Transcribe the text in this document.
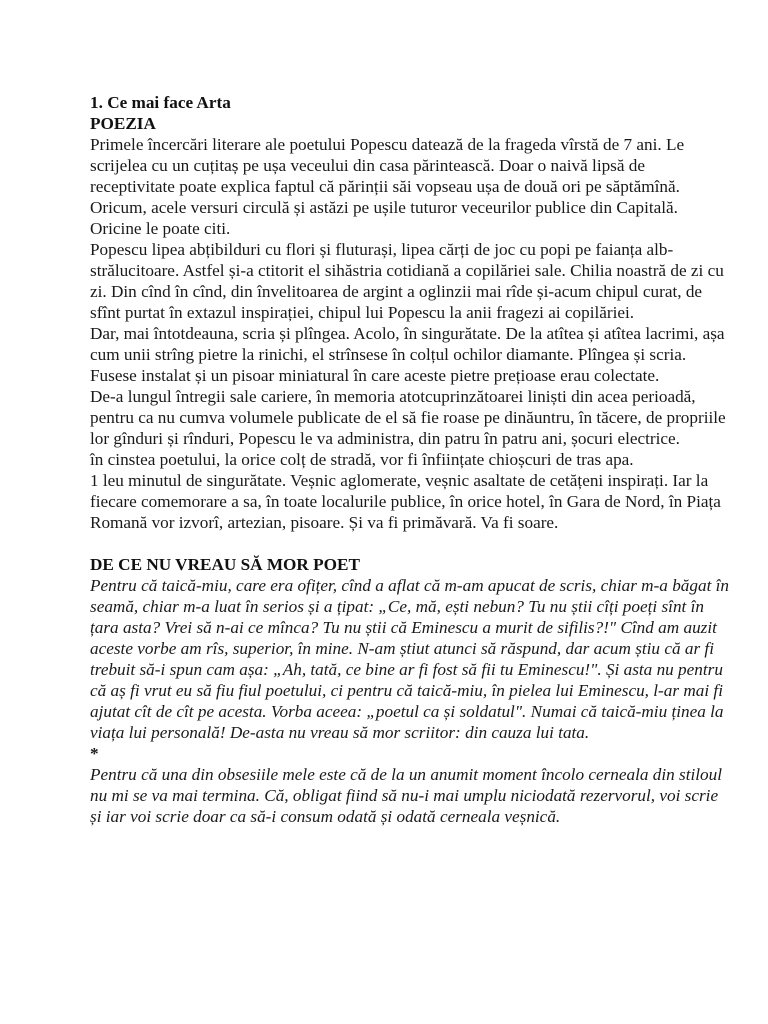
1. Ce mai face Arta

POEZIA

Primele încercări literare ale poetului Popescu datează de la fragedа vîrstă de 7 ani. Le scrijelea cu un cuțitaș pe ușa veceului din casa părintească. Doar o naivă lipsă de receptivitate poate explica faptul că părinții săi vopseau ușa de două ori pe săptămînă. Oricum, acele versuri circulă și astăzi pe ușile tuturor veceurilor publice din Capitală. Oricine le poate citi.

Popescu lipea abțibilduri cu flori și fluturași, lipea cărți de joc cu popi pe faianța alb-strălucitoare. Astfel și-a ctitorit el sihăstria cotidiană a copilăriei sale. Chilia noastră de zi cu zi. Din cînd în cînd, din învelitoarea de argint a oglinzii mai rîde și-acum chipul curat, de sfînt purtat în extazul inspirației, chipul lui Popescu la anii fragezi ai copilăriei.

Dar, mai întotdeauna, scria și plîngea. Acolo, în singurătate. De la atîtea și atîtea lacrimi, așa cum unii strîng pietre la rinichi, el strînsese în colțul ochilor diamante. Plîngea și scria. Fusese instalat și un pisoar miniatural în care aceste pietre prețioase erau colectate.

De-a lungul întregii sale cariere, în memoria atotcuprinzătoarei liniști din acea perioadă, pentru ca nu cumva volumele publicate de el să fie roase pe dinăuntru, în tăcere, de propriile lor gînduri și rînduri, Popescu le va administra, din patru în patru ani, șocuri electrice.

în cinstea poetului, la orice colț de stradă, vor fi înființate chioșcuri de tras apa.

1 leu minutul de singurătate. Veșnic aglomerate, veșnic asaltate de cetățeni inspirați. Iar la fiecare comemorare a sa, în toate localurile publice, în orice hotel, în Gara de Nord, în Piața Romană vor izvorî, artezian, pisoare. Și va fi primăvară. Va fi soare.

DE CE NU VREAU SĂ MOR POET

Pentru că taică-miu, care era ofițer, cînd a aflat că m-am apucat de scris, chiar m-a băgat în seamă, chiar m-a luat în serios și a țipat: „Ce, mă, ești nebun? Tu nu știi cîți poeți sînt în țara asta? Vrei să n-ai ce mînca? Tu nu știi că Eminescu a murit de sifilis?!" Cînd am auzit aceste vorbe am rîs, superior, în mine. N-am știut atunci să răspund, dar acum știu că ar fi trebuit să-i spun cam așa: „Ah, tată, ce bine ar fi fost să fii tu Eminescu!". Și asta nu pentru că aș fi vrut eu să fiu fiul poetului, ci pentru că taică-miu, în pielea lui Eminescu, l-ar mai fi ajutat cît de cît pe acesta. Vorba aceea: „poetul ca și soldatul". Numai că taică-miu ținea la viața lui personală! De-asta nu vreau să mor scriitor: din cauza lui tata.

*

Pentru că una din obsesiile mele este că de la un anumit moment încolo cerneala din stiloul nu mi se va mai termina. Că, obligat fiind să nu-i mai umplu niciodată rezervorul, voi scrie și iar voi scrie doar ca să-i consum odată și odată cerneala veșnică.
